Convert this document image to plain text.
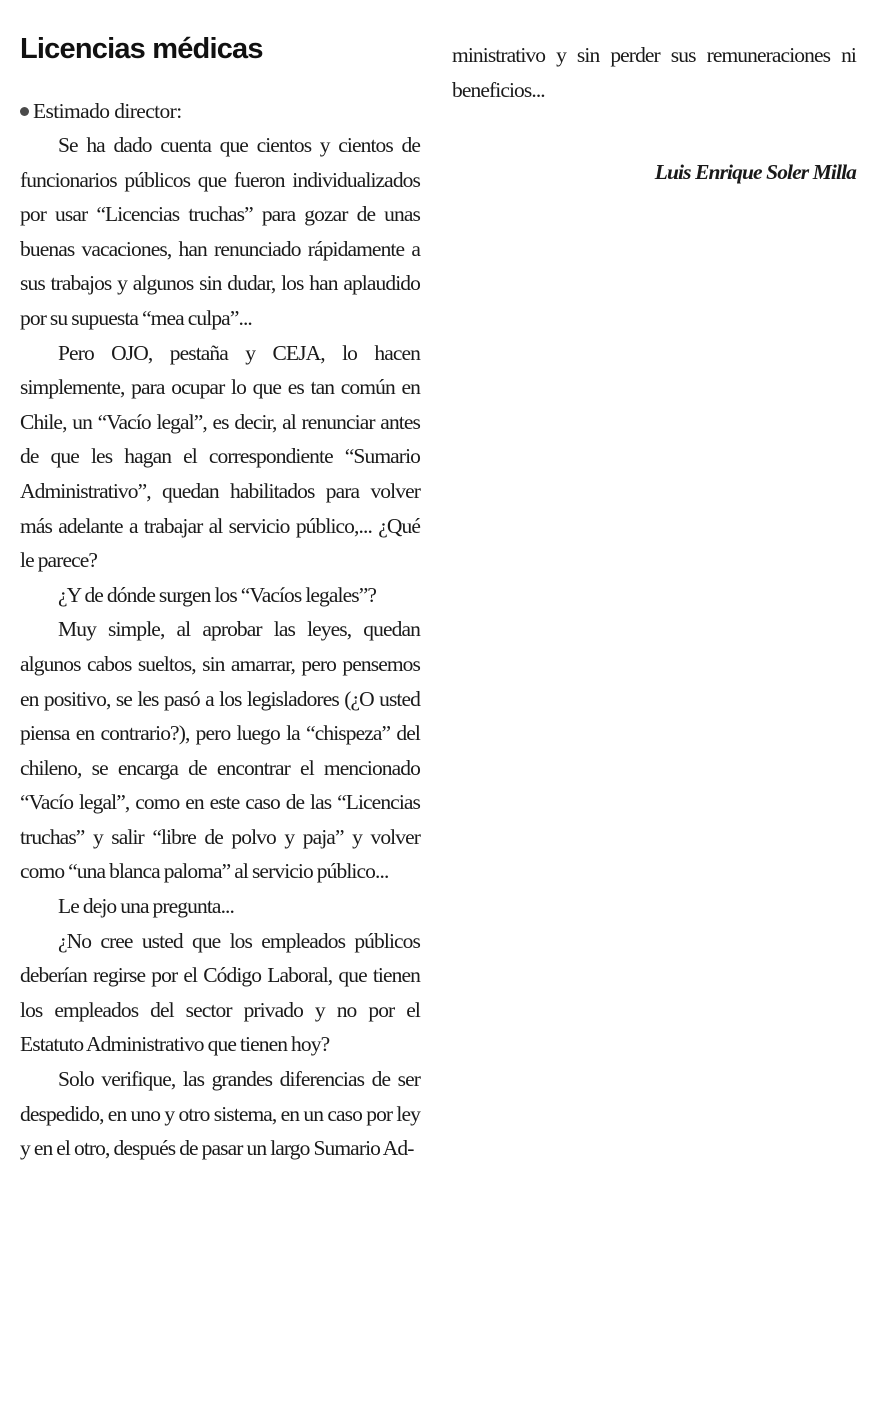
Licencias médicas

Estimado director:

Se ha dado cuenta que cientos y cientos de funcionarios públicos que fueron individualizados por usar “Licencias truchas” para gozar de unas buenas vacaciones, han renunciado rápidamente a sus trabajos y algunos sin dudar, los han aplaudido por su supuesta “mea culpa”...

Pero OJO, pestaña y CEJA, lo hacen simplemente, para ocupar lo que es tan común en Chile, un “Vacío legal”, es decir, al renunciar antes de que les hagan el correspondiente “Sumario Administrativo”, quedan habilitados para volver más adelante a trabajar al servicio público,... ¿Qué le parece?

¿Y de dónde surgen los “Vacíos legales”?

Muy simple, al aprobar las leyes, quedan algunos cabos sueltos, sin amarrar, pero pensemos en positivo, se les pasó a los legisladores (¿O usted piensa en contrario?), pero luego la “chispeza” del chileno, se encarga de encontrar el mencionado “Vacío legal”, como en este caso de las “Licencias truchas” y salir “libre de polvo y paja” y volver como “una blanca paloma” al servicio público...

Le dejo una pregunta...

¿No cree usted que los empleados públicos deberían regirse por el Código Laboral, que tienen los empleados del sector privado y no por el Estatuto Administrativo que tienen hoy?

Solo verifique, las grandes diferencias de ser despedido, en uno y otro sistema, en un caso por ley y en el otro, después de pasar un largo Sumario Ad-

ministrativo y sin perder sus remuneraciones ni beneficios...

Luis Enrique Soler Milla
